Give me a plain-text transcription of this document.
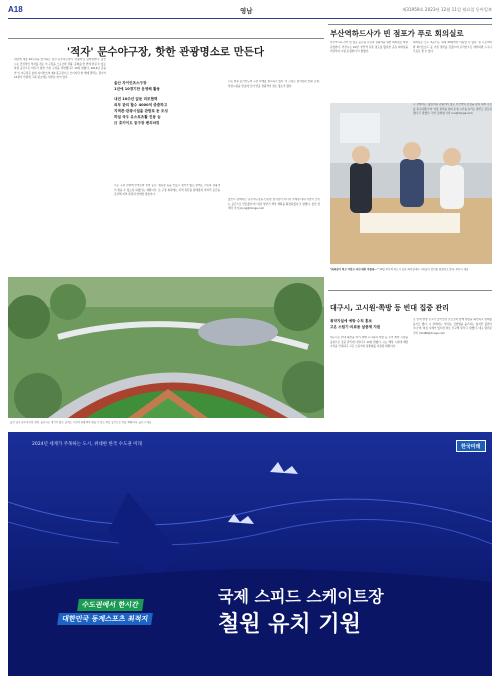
A18	영남	제31959호 2023년 12월 11일 월요일 동아일보
'적자' 문수야구장, 핫한 관광명소로 만든다
내년에 개장 10주년을 맞이하는 울산 문수야구장이 '관광지'로 탈바꿈한다. 울산시는 만성적인 적자를 겪는 이 구장을 스포츠와 관광, 문화를 한 번에 즐길 수 있는 복합 공간으로 바꾸기 위한 기본 구상을 마련했다고 10일 밝혔다. 2014년 문을 연 이 야구장은 롯데 자이언츠의 제2 홈구장으로 쓰이지만 한 해에 열리는 경기가 10경기 안팎에 그쳐 평소에는 대부분 비어 있다.
울산 자이언츠스구장
1년에 10경기만 운영해 활용
내년 10주년 앞둔 미모협력
외부 관리 할수 4000억 중층하고
지역론-관광시설을 관람로 둔 조성
하일 국우 유스포츠활 진동 능
日 호카이도 등구장 벤치마킹
시는 구장 주변에 산책로와 전망 공간, 캠핑장 등을 만들고 경기가 없는 날에도 시민과 관광객이 찾을 수 있도록 하겠다는 계획이다. 또 구장 외곽에는 지역 특산품 판매장과 먹거리 공간을 조성해 지역 상권과 연계할 방침이다.
시는 일본 홋카이도의 구장 사례를 참고하고 있다. 이 구장은 경기장과 호텔, 온천, 상업시설을 한곳에 모아 연중 관광객이 찾는 명소가 됐다.
울산시 관계자는 '문수야구장을 단순한 경기장이 아니라 사계절 내내 사람이 모이는 공간으로 만들겠다'며 '내년 상반기 세부 계획을 확정하겠다'고 말했다. 울산 정재락 기자 jrjung@donga.com
울산 남구 문수야구장 전경. 울산시는 경기가 없는 날에도 시민과 관광객이 찾을 수 있는 복합 공간으로 만들 계획이다. 울산시 제공
부산역하드사가 빈 점포가 푸로 회의실로
부산역 하드사가 빈 점포 공간을 시민과 관광객을 위한 회의실로 바꿔 운영한다. 부산시는 10일 '부산역 유휴 점포를 활용한 공유 회의실을 이달부터 시범 운영한다'고 밝혔다.
회의실은 모두 3곳으로, 최대 20명까지 이용할 수 있다. 빔 프로젝터와 화이트보드 등 기본 장비를 갖췄으며 온라인으로 예약하면 누구나 무료로 쓸 수 있다.
시 관계자는 '출장객과 관광객이 많은 부산역의 장점을 살려 회의 수요를 흡수하겠다'며 '이용 실적을 살펴 운영 시간을 늘리는 방안도 검토하겠다'고 말했다. 부산 김화영 기자 run@donga.com
"회의실이 허고 가입고 샤인 대한 마씀처..." 10일 부산역 하드사 공유 회의실에서 시민들이 장비를 점검하고 있다. 부산시 제공
대구시, 고시원·쪽방 등 빈대 집중 관리
취약지설에 예방 수칙 홍보
고온 스팀기·의료용 살충제 지원
대구시는 빈대 확산을 막기 위해 고시원과 쪽방 등 주거 취약 시설을 중심으로 집중 관리에 나선다고 10일 밝혔다. 시는 해당 시설에 예방 수칙을 안내하고 고온 스팀기와 살충제를 지원할 계획이다.
또 빈대 발생 신고가 들어오면 보건소와 함께 현장을 확인하고 방제를 돕기로 했다. 시 관계자는 '빈대는 감염병을 옮기지는 않지만 불편이 크다'며 '의심 사례가 있으면 바로 신고해 달라'고 말했다. 대구 명민준 기자 mmj86@donga.com
2024년 세계가 주목하는 도시, 위대한 한국 수도권 미래	한국미래
수도권에서 한시간
대한민국 동계스포츠 최적지
국제 스피드 스케이트장
철원 유치 기원
